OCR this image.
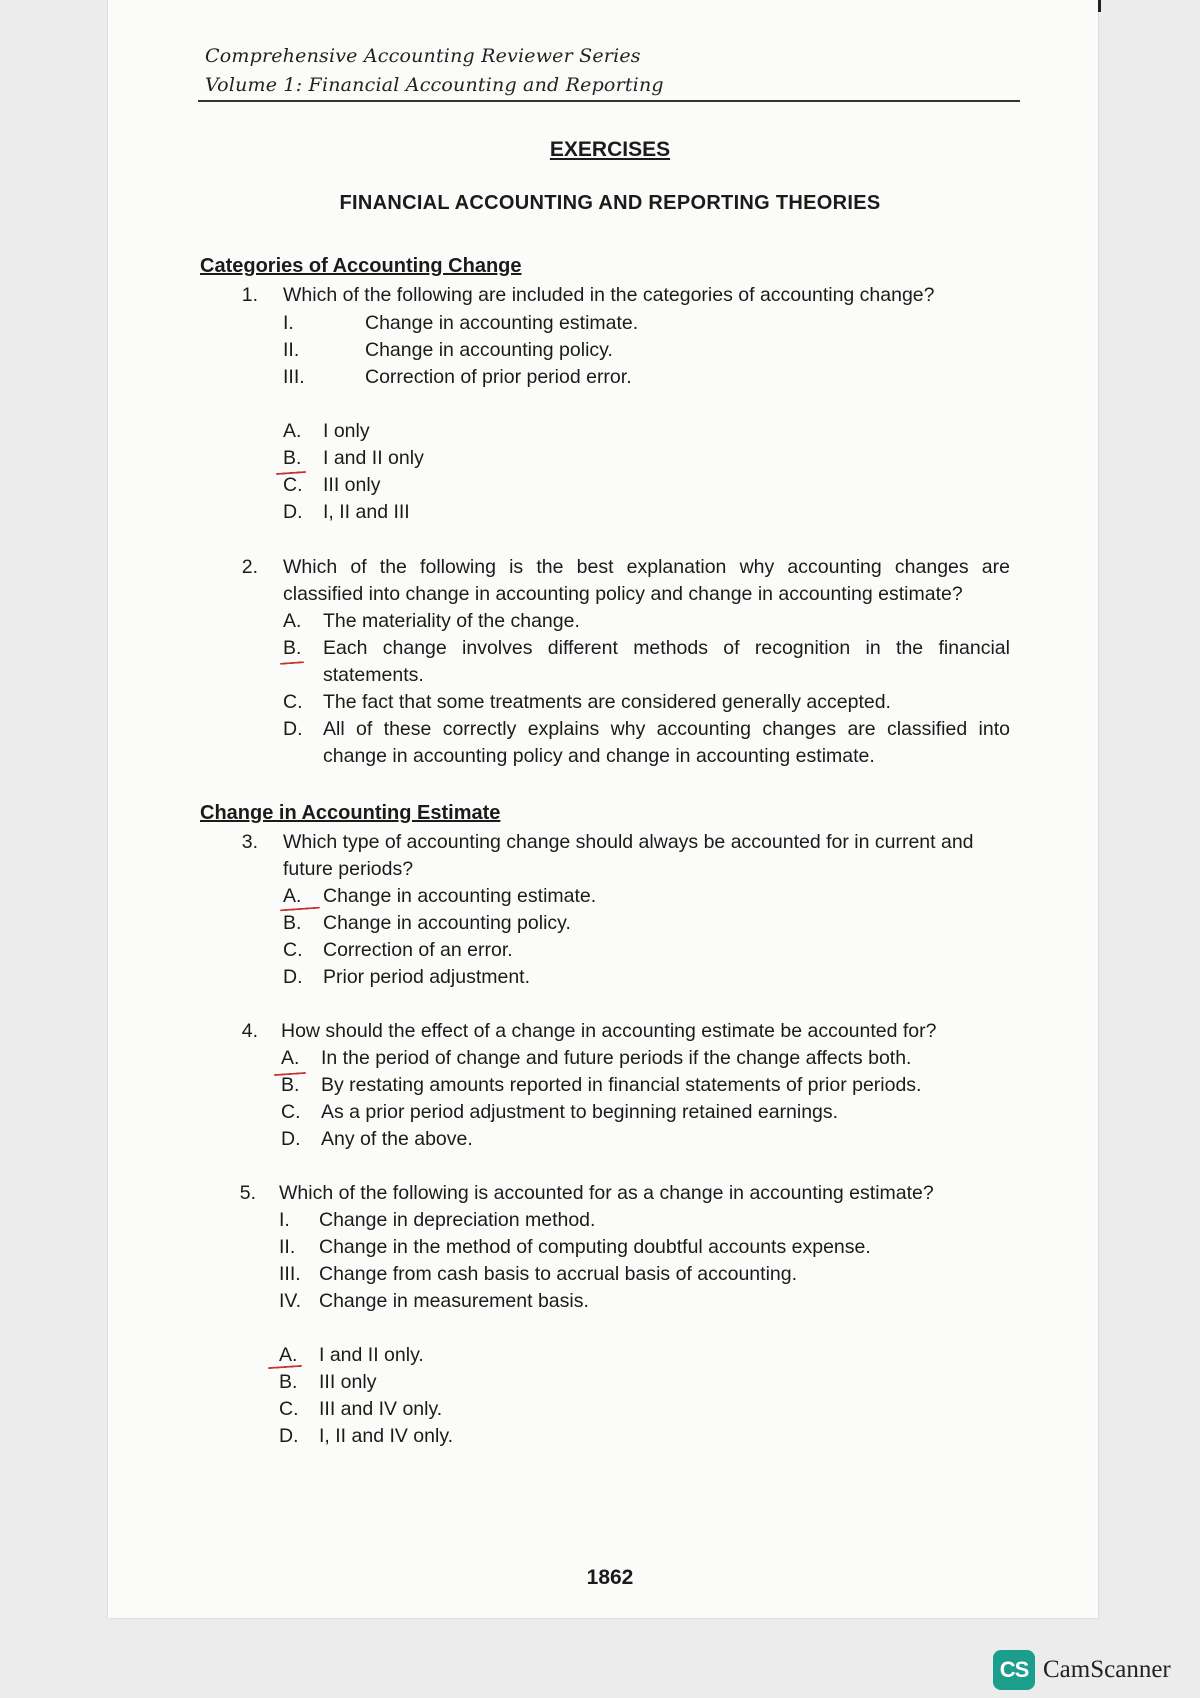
Comprehensive Accounting Reviewer Series
Volume 1: Financial Accounting and Reporting
EXERCISES
FINANCIAL ACCOUNTING AND REPORTING THEORIES
Categories of Accounting Change
1. Which of the following are included in the categories of accounting change?
I.	Change in accounting estimate.
II.	Change in accounting policy.
III.	Correction of prior period error.
A. I only
B. I and II only
C. III only
D. I, II and III
2. Which of the following is the best explanation why accounting changes are classified into change in accounting policy and change in accounting estimate?
A. The materiality of the change.
B.	Each change involves different methods of recognition in the financial statements.
C. The fact that some treatments are considered generally accepted.
D.	All of these correctly explains why accounting changes are classified into change in accounting policy and change in accounting estimate.
Change in Accounting Estimate
3. Which type of accounting change should always be accounted for in current and future periods?
A. Change in accounting estimate.
B. Change in accounting policy.
C. Correction of an error.
D. Prior period adjustment.
4. How should the effect of a change in accounting estimate be accounted for?
A. In the period of change and future periods if the change affects both.
B. By restating amounts reported in financial statements of prior periods.
C. As a prior period adjustment to beginning retained earnings.
D. Any of the above.
5. Which of the following is accounted for as a change in accounting estimate?
I. Change in depreciation method.
II. Change in the method of computing doubtful accounts expense.
III. Change from cash basis to accrual basis of accounting.
IV. Change in measurement basis.
A. I and II only.
B. III only
C. III and IV only.
D. I, II and IV only.
1862
CS CamScanner
